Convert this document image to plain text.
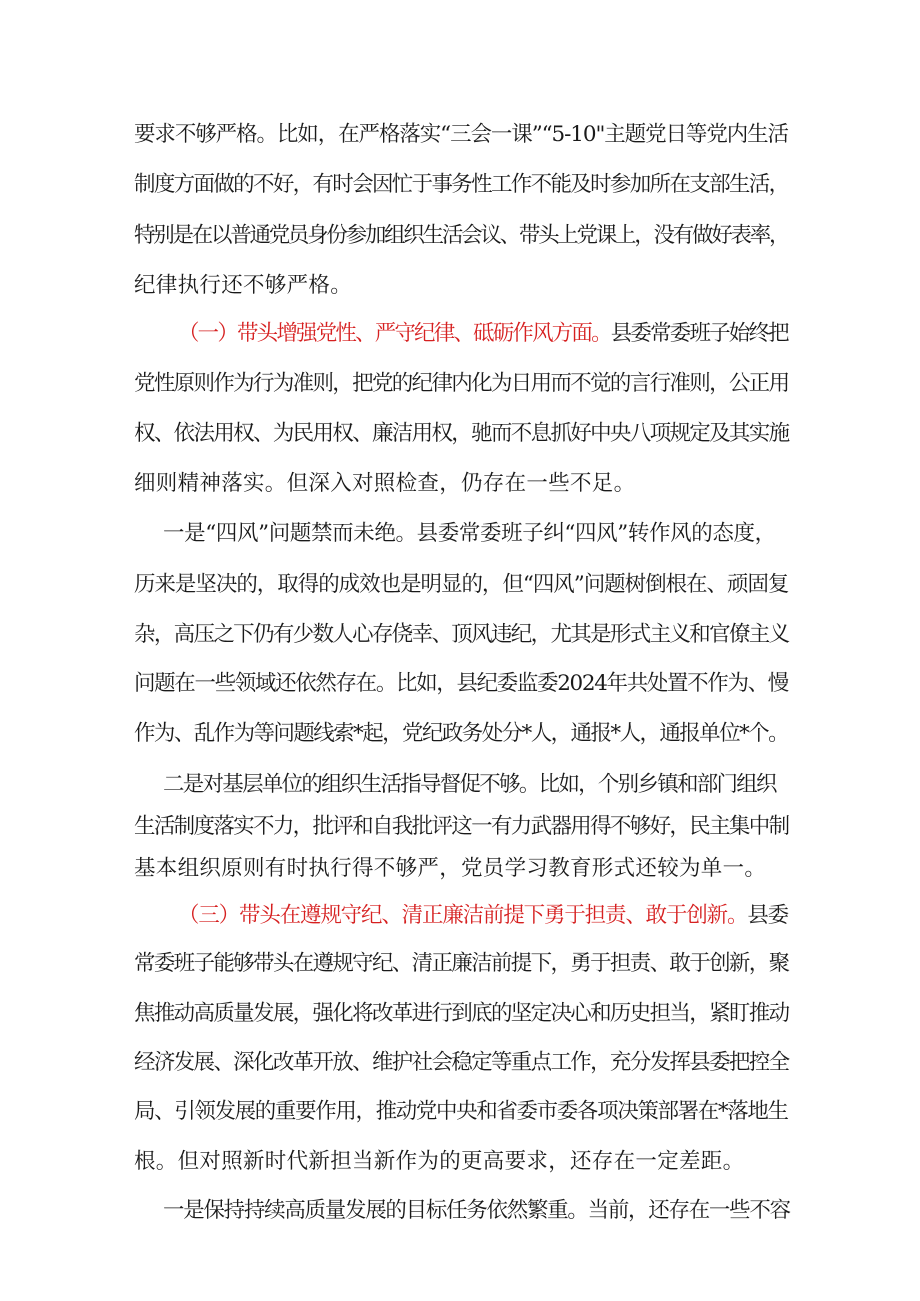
要求不够严格。比如，在严格落实“三会一课”“5-10"主题党日等党内生活
制度方面做的不好，有时会因忙于事务性工作不能及时参加所在支部生活，
特别是在以普通党员身份参加组织生活会议、带头上党课上，没有做好表率，
纪律执行还不够严格。
（一）带头增强党性、严守纪律、砥砺作风方面。县委常委班子始终把
党性原则作为行为准则，把党的纪律内化为日用而不觉的言行准则，公正用
权、依法用权、为民用权、廉洁用权，驰而不息抓好中央八项规定及其实施
细则精神落实。但深入对照检查，仍存在一些不足。
一是“四风”问题禁而未绝。县委常委班子纠“四风”转作风的态度，
历来是坚决的，取得的成效也是明显的，但“四风”问题树倒根在、顽固复
杂，高压之下仍有少数人心存侥幸、顶风违纪，尤其是形式主义和官僚主义
问题在一些领域还依然存在。比如，县纪委监委2024年共处置不作为、慢
作为、乱作为等问题线索*起，党纪政务处分*人，通报*人，通报单位*个。
二是对基层单位的组织生活指导督促不够。比如，个别乡镇和部门组织
生活制度落实不力，批评和自我批评这一有力武器用得不够好，民主集中制
基本组织原则有时执行得不够严，党员学习教育形式还较为单一。
（三）带头在遵规守纪、清正廉洁前提下勇于担责、敢于创新。县委
常委班子能够带头在遵规守纪、清正廉洁前提下，勇于担责、敢于创新，聚
焦推动高质量发展，强化将改革进行到底的坚定决心和历史担当，紧盯推动
经济发展、深化改革开放、维护社会稳定等重点工作，充分发挥县委把控全
局、引领发展的重要作用，推动党中央和省委市委各项决策部署在*落地生
根。但对照新时代新担当新作为的更高要求，还存在一定差距。
一是保持持续高质量发展的目标任务依然繁重。当前，还存在一些不容
